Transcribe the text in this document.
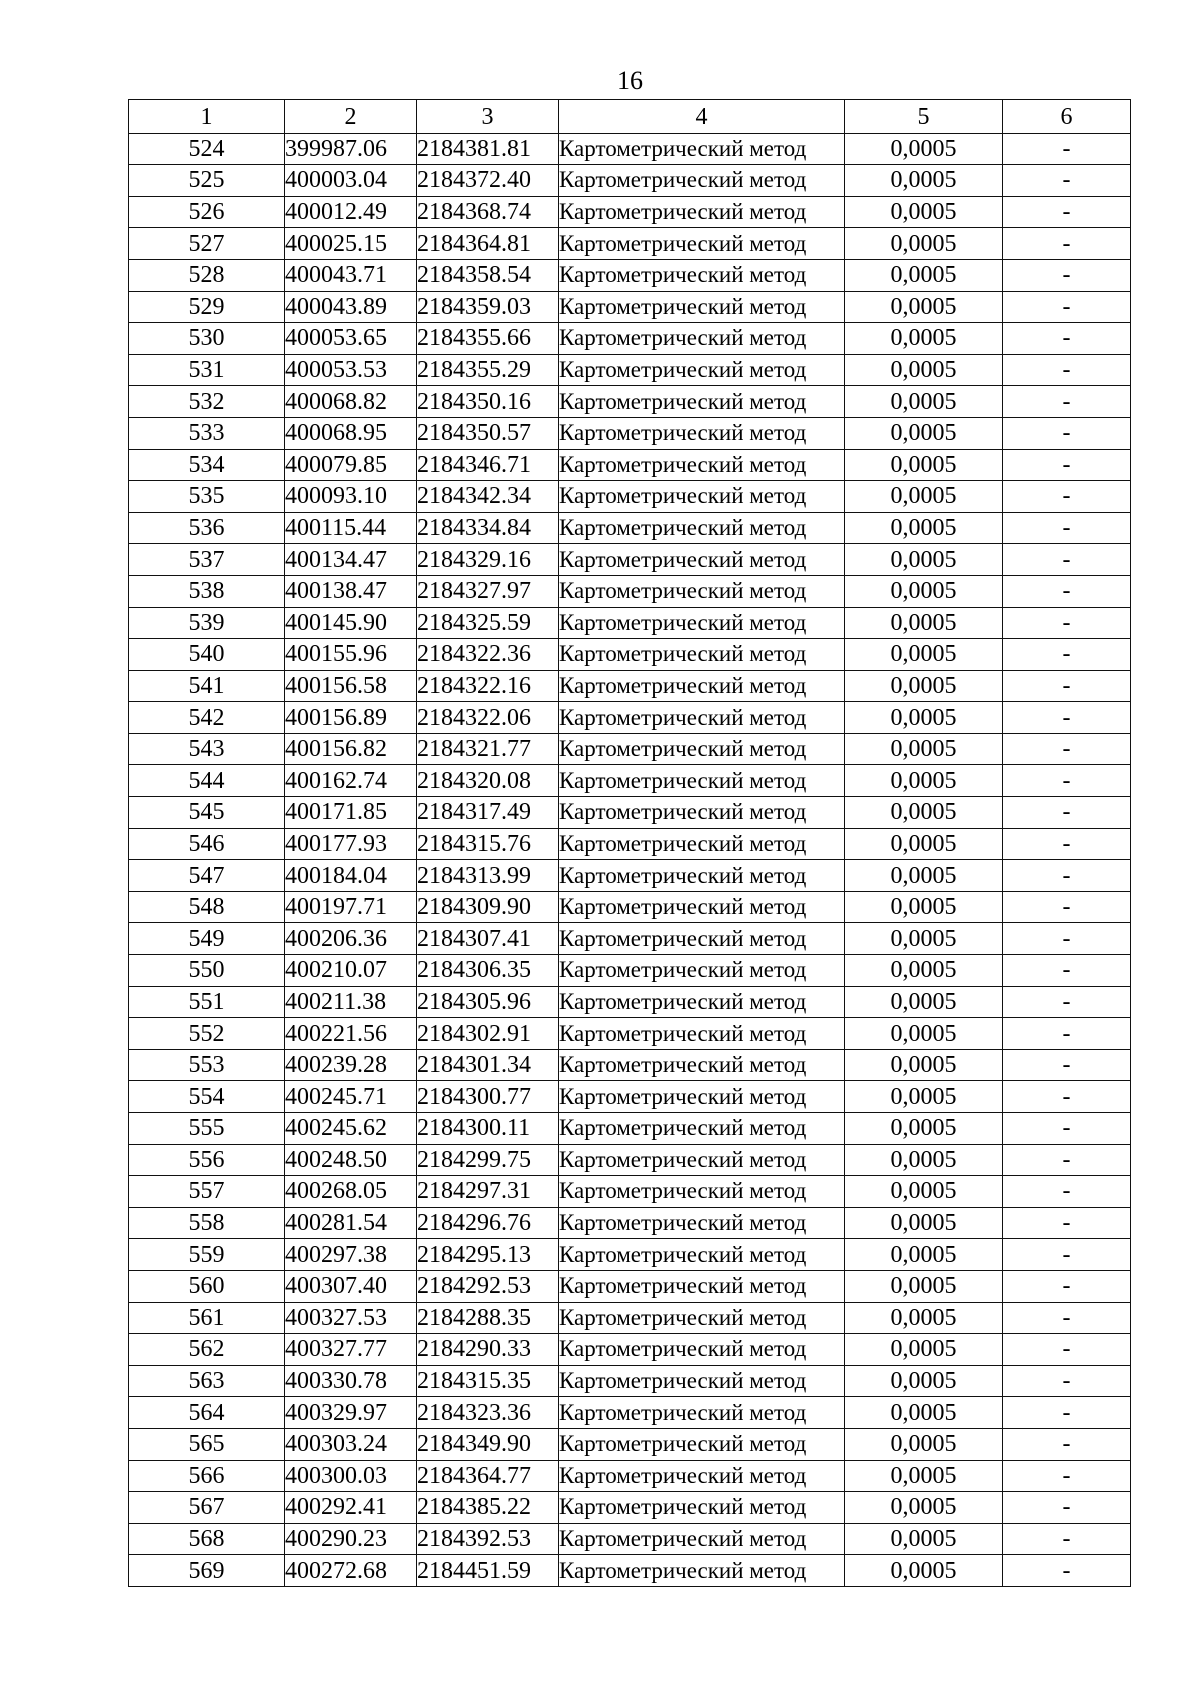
16
1	2	3	4	5	6
524	399987.06	2184381.81	Картометрический метод	0,0005	-
525	400003.04	2184372.40	Картометрический метод	0,0005	-
526	400012.49	2184368.74	Картометрический метод	0,0005	-
527	400025.15	2184364.81	Картометрический метод	0,0005	-
528	400043.71	2184358.54	Картометрический метод	0,0005	-
529	400043.89	2184359.03	Картометрический метод	0,0005	-
530	400053.65	2184355.66	Картометрический метод	0,0005	-
531	400053.53	2184355.29	Картометрический метод	0,0005	-
532	400068.82	2184350.16	Картометрический метод	0,0005	-
533	400068.95	2184350.57	Картометрический метод	0,0005	-
534	400079.85	2184346.71	Картометрический метод	0,0005	-
535	400093.10	2184342.34	Картометрический метод	0,0005	-
536	400115.44	2184334.84	Картометрический метод	0,0005	-
537	400134.47	2184329.16	Картометрический метод	0,0005	-
538	400138.47	2184327.97	Картометрический метод	0,0005	-
539	400145.90	2184325.59	Картометрический метод	0,0005	-
540	400155.96	2184322.36	Картометрический метод	0,0005	-
541	400156.58	2184322.16	Картометрический метод	0,0005	-
542	400156.89	2184322.06	Картометрический метод	0,0005	-
543	400156.82	2184321.77	Картометрический метод	0,0005	-
544	400162.74	2184320.08	Картометрический метод	0,0005	-
545	400171.85	2184317.49	Картометрический метод	0,0005	-
546	400177.93	2184315.76	Картометрический метод	0,0005	-
547	400184.04	2184313.99	Картометрический метод	0,0005	-
548	400197.71	2184309.90	Картометрический метод	0,0005	-
549	400206.36	2184307.41	Картометрический метод	0,0005	-
550	400210.07	2184306.35	Картометрический метод	0,0005	-
551	400211.38	2184305.96	Картометрический метод	0,0005	-
552	400221.56	2184302.91	Картометрический метод	0,0005	-
553	400239.28	2184301.34	Картометрический метод	0,0005	-
554	400245.71	2184300.77	Картометрический метод	0,0005	-
555	400245.62	2184300.11	Картометрический метод	0,0005	-
556	400248.50	2184299.75	Картометрический метод	0,0005	-
557	400268.05	2184297.31	Картометрический метод	0,0005	-
558	400281.54	2184296.76	Картометрический метод	0,0005	-
559	400297.38	2184295.13	Картометрический метод	0,0005	-
560	400307.40	2184292.53	Картометрический метод	0,0005	-
561	400327.53	2184288.35	Картометрический метод	0,0005	-
562	400327.77	2184290.33	Картометрический метод	0,0005	-
563	400330.78	2184315.35	Картометрический метод	0,0005	-
564	400329.97	2184323.36	Картометрический метод	0,0005	-
565	400303.24	2184349.90	Картометрический метод	0,0005	-
566	400300.03	2184364.77	Картометрический метод	0,0005	-
567	400292.41	2184385.22	Картометрический метод	0,0005	-
568	400290.23	2184392.53	Картометрический метод	0,0005	-
569	400272.68	2184451.59	Картометрический метод	0,0005	-
